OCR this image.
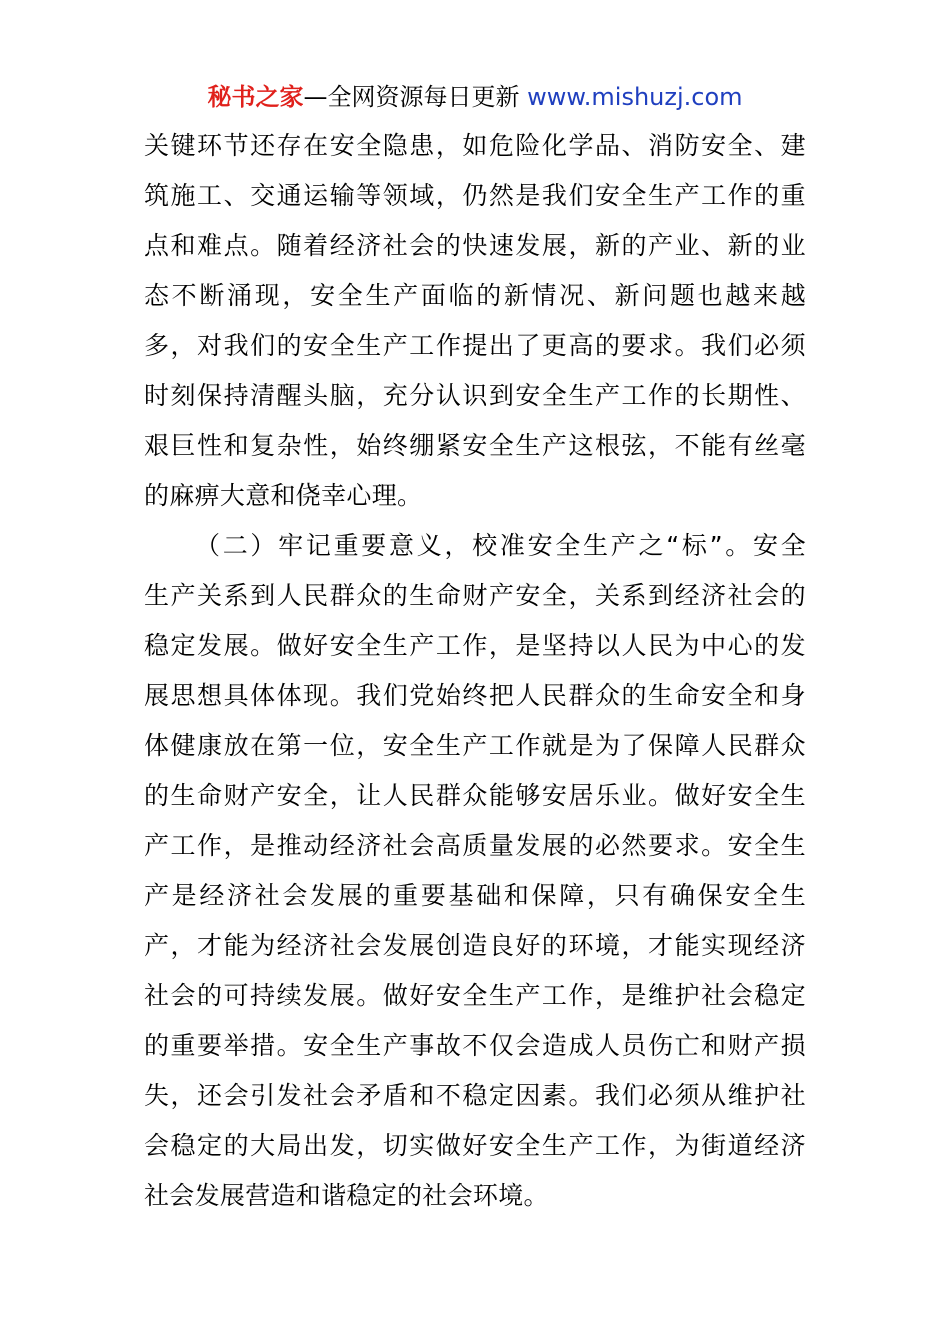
秘书之家—全网资源每日更新 www.mishuzj.com
关键环节还存在安全隐患，如危险化学品、消防安全、建
筑施工、交通运输等领域，仍然是我们安全生产工作的重
点和难点。随着经济社会的快速发展，新的产业、新的业
态不断涌现，安全生产面临的新情况、新问题也越来越
多，对我们的安全生产工作提出了更高的要求。我们必须
时刻保持清醒头脑，充分认识到安全生产工作的长期性、
艰巨性和复杂性，始终绷紧安全生产这根弦，不能有丝毫
的麻痹大意和侥幸心理。
（二）牢记重要意义，校准安全生产之“标”。安全
生产关系到人民群众的生命财产安全，关系到经济社会的
稳定发展。做好安全生产工作，是坚持以人民为中心的发
展思想具体体现。我们党始终把人民群众的生命安全和身
体健康放在第一位，安全生产工作就是为了保障人民群众
的生命财产安全，让人民群众能够安居乐业。做好安全生
产工作，是推动经济社会高质量发展的必然要求。安全生
产是经济社会发展的重要基础和保障，只有确保安全生
产，才能为经济社会发展创造良好的环境，才能实现经济
社会的可持续发展。做好安全生产工作，是维护社会稳定
的重要举措。安全生产事故不仅会造成人员伤亡和财产损
失，还会引发社会矛盾和不稳定因素。我们必须从维护社
会稳定的大局出发，切实做好安全生产工作，为街道经济
社会发展营造和谐稳定的社会环境。
